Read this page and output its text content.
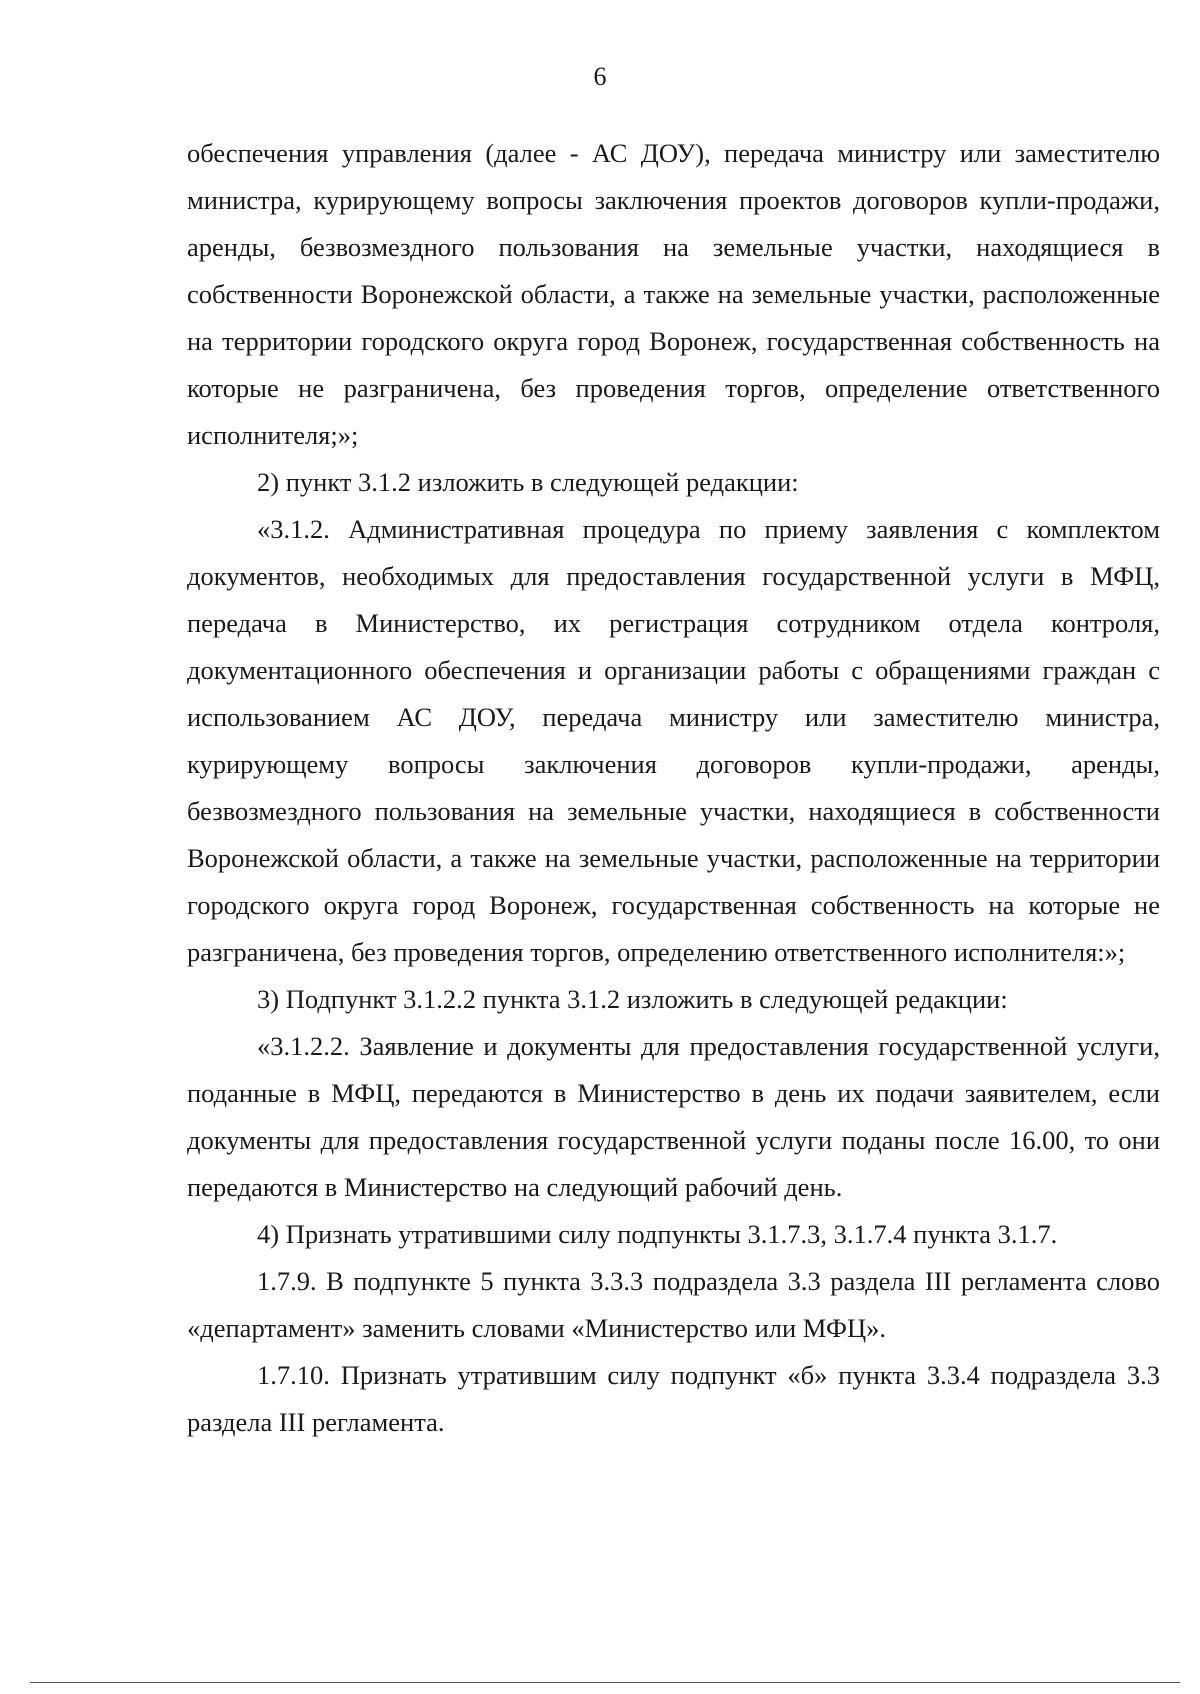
6

обеспечения управления (далее - АС ДОУ), передача министру или заместителю министра, курирующему вопросы заключения проектов договоров купли-продажи, аренды, безвозмездного пользования на земельные участки, находящиеся в собственности Воронежской области, а также на земельные участки, расположенные на территории городского округа город Воронеж, государственная собственность на которые не разграничена, без проведения торгов, определение ответственного исполнителя;»;

2) пункт 3.1.2 изложить в следующей редакции:

«3.1.2. Административная процедура по приему заявления с комплектом документов, необходимых для предоставления государственной услуги в МФЦ, передача в Министерство, их регистрация сотрудником отдела контроля, документационного обеспечения и организации работы с обращениями граждан с использованием АС ДОУ, передача министру или заместителю министра, курирующему вопросы заключения договоров купли-продажи, аренды, безвозмездного пользования на земельные участки, находящиеся в собственности Воронежской области, а также на земельные участки, расположенные на территории городского округа город Воронеж, государственная собственность на которые не разграничена, без проведения торгов, определению ответственного исполнителя:»;

3) Подпункт 3.1.2.2 пункта 3.1.2 изложить в следующей редакции:

«3.1.2.2. Заявление и документы для предоставления государственной услуги, поданные в МФЦ, передаются в Министерство в день их подачи заявителем, если документы для предоставления государственной услуги поданы после 16.00, то они передаются в Министерство на следующий рабочий день.

4) Признать утратившими силу подпункты 3.1.7.3, 3.1.7.4 пункта 3.1.7.

1.7.9. В подпункте 5 пункта 3.3.3 подраздела 3.3 раздела III регламента слово «департамент» заменить словами «Министерство или МФЦ».

1.7.10. Признать утратившим силу подпункт «б» пункта 3.3.4 подраздела 3.3 раздела III регламента.
